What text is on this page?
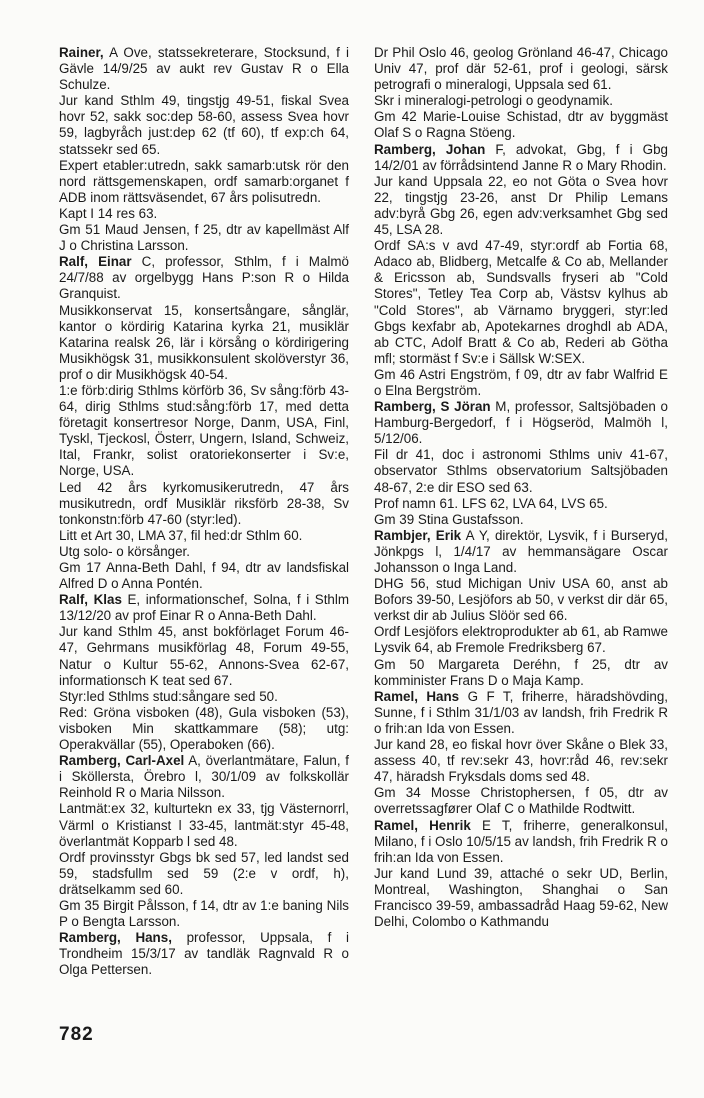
Rainer, A Ove, statssekreterare, Stocksund, f i Gävle 14/9/25 av aukt rev Gustav R o Ella Schulze.
Jur kand Sthlm 49, tingstjg 49-51, fiskal Svea hovr 52, sakk soc:dep 58-60, assess Svea hovr 59, lagbyråch just:dep 62 (tf 60), tf exp:ch 64, statssekr sed 65.
Expert etabler:utredn, sakk samarb:utsk rör den nord rättsgemenskapen, ordf samarb:organet f ADB inom rättsväsendet, 67 års polisutredn.
Kapt I 14 res 63.
Gm 51 Maud Jensen, f 25, dtr av kapellmäst Alf J o Christina Larsson.

Ralf, Einar C, professor, Sthlm, f i Malmö 24/7/88 av orgelbygg Hans P:son R o Hilda Granquist.
Musikkonservat 15, konsertsångare, sånglär, kantor o kördirig Katarina kyrka 21, musiklär Katarina realsk 26, lär i körsång o kördirigering Musikhögsk 31, musikkonsulent skolöverstyr 36, prof o dir Musikhögsk 40-54.
1:e förb:dirig Sthlms körförb 36, Sv sång:förb 43-64, dirig Sthlms stud:sång:förb 17, med detta företagit konsertresor Norge, Danm, USA, Finl, Tyskl, Tjeckosl, Österr, Ungern, Island, Schweiz, Ital, Frankr, solist oratoriekonserter i Sv:e, Norge, USA.
Led 42 års kyrkomusikerutredn, 47 års musikutredn, ordf Musiklär riksförb 28-38, Sv tonkonstn:förb 47-60 (styr:led).
Litt et Art 30, LMA 37, fil hed:dr Sthlm 60.
Utg solo- o körsånger.
Gm 17 Anna-Beth Dahl, f 94, dtr av landsfiskal Alfred D o Anna Pontén.

Ralf, Klas E, informationschef, Solna, f i Sthlm 13/12/20 av prof Einar R o Anna-Beth Dahl.
Jur kand Sthlm 45, anst bokförlaget Forum 46-47, Gehrmans musikförlag 48, Forum 49-55, Natur o Kultur 55-62, Annons-Svea 62-67, informationsch K teat sed 67.
Styr:led Sthlms stud:sångare sed 50.
Red: Gröna visboken (48), Gula visboken (53), visboken Min skattkammare (58); utg: Operakvällar (55), Operaboken (66).

Ramberg, Carl-Axel A, överlantmätare, Falun, f i Sköllersta, Örebro l, 30/1/09 av folkskollär Reinhold R o Maria Nilsson.
Lantmät:ex 32, kulturtekn ex 33, tjg Västernorrl, Värml o Kristianst l 33-45, lantmät:styr 45-48, överlantmät Kopparb l sed 48.
Ordf provinsstyr Gbgs bk sed 57, led landst sed 59, stadsfullm sed 59 (2:e v ordf, h), drätselkamm sed 60.
Gm 35 Birgit Pålsson, f 14, dtr av 1:e baning Nils P o Bengta Larsson.

Ramberg, Hans, professor, Uppsala, f i Trondheim 15/3/17 av tandläk Ragnvald R o Olga Pettersen.

Dr Phil Oslo 46, geolog Grönland 46-47, Chicago Univ 47, prof där 52-61, prof i geologi, särsk petrografi o mineralogi, Uppsala sed 61.
Skr i mineralogi-petrologi o geodynamik.
Gm 42 Marie-Louise Schistad, dtr av byggmäst Olaf S o Ragna Stöeng.

Ramberg, Johan F, advokat, Gbg, f i Gbg 14/2/01 av förrådsintend Janne R o Mary Rhodin.
Jur kand Uppsala 22, eo not Göta o Svea hovr 22, tingstjg 23-26, anst Dr Philip Lemans adv:byrå Gbg 26, egen adv:verksamhet Gbg sed 45, LSA 28.
Ordf SA:s v avd 47-49, styr:ordf ab Fortia 68, Adaco ab, Blidberg, Metcalfe & Co ab, Mellander & Ericsson ab, Sundsvalls fryseri ab "Cold Stores", Tetley Tea Corp ab, Västsv kylhus ab "Cold Stores", ab Värnamo bryggeri, styr:led Gbgs kexfabr ab, Apotekarnes droghdl ab ADA, ab CTC, Adolf Bratt & Co ab, Rederi ab Götha mfl; stormäst f Sv:e i Sällsk W:SEX.
Gm 46 Astri Engström, f 09, dtr av fabr Walfrid E o Elna Bergström.

Ramberg, S Jöran M, professor, Saltsjöbaden o Hamburg-Bergedorf, f i Högseröd, Malmöh l, 5/12/06.
Fil dr 41, doc i astronomi Sthlms univ 41-67, observator Sthlms observatorium Saltsjöbaden 48-67, 2:e dir ESO sed 63.
Prof namn 61. LFS 62, LVA 64, LVS 65.
Gm 39 Stina Gustafsson.

Rambjer, Erik A Y, direktör, Lysvik, f i Burseryd, Jönkpgs l, 1/4/17 av hemmansägare Oscar Johansson o Inga Land.
DHG 56, stud Michigan Univ USA 60, anst ab Bofors 39-50, Lesjöfors ab 50, v verkst dir där 65, verkst dir ab Julius Slöör sed 66.
Ordf Lesjöfors elektroprodukter ab 61, ab Ramwe Lysvik 64, ab Fremole Fredriksberg 67.
Gm 50 Margareta Deréhn, f 25, dtr av komminister Frans D o Maja Kamp.

Ramel, Hans G F T, friherre, häradshövding, Sunne, f i Sthlm 31/1/03 av landsh, frih Fredrik R o frih:an Ida von Essen.
Jur kand 28, eo fiskal hovr över Skåne o Blek 33, assess 40, tf rev:sekr 43, hovr:råd 46, rev:sekr 47, häradsh Fryksdals doms sed 48.
Gm 34 Mosse Christophersen, f 05, dtr av overretssagfører Olaf C o Mathilde Rodtwitt.

Ramel, Henrik E T, friherre, generalkonsul, Milano, f i Oslo 10/5/15 av landsh, frih Fredrik R o frih:an Ida von Essen.
Jur kand Lund 39, attaché o sekr UD, Berlin, Montreal, Washington, Shanghai o San Francisco 39-59, ambassadråd Haag 59-62, New Delhi, Colombo o Kathmandu

782
